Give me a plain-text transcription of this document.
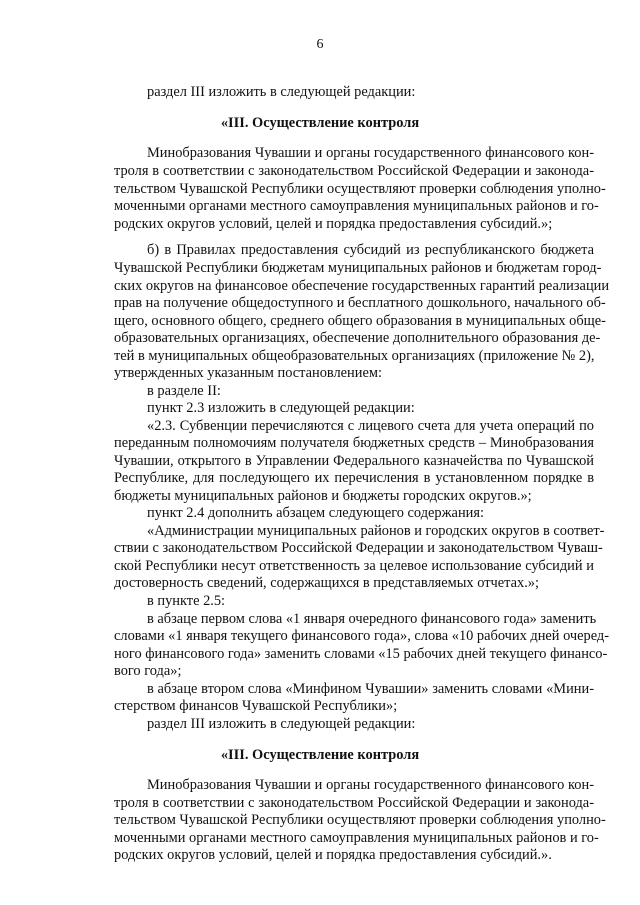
6
раздел III изложить в следующей редакции:
«III. Осуществление контроля
Минобразования Чувашии и органы государственного финансового кон-
троля в соответствии с законодательством Российской Федерации и законода-
тельством Чувашской Республики осуществляют проверки соблюдения уполно-
моченными органами местного самоуправления муниципальных районов и го-
родских округов условий, целей и порядка предоставления субсидий.»;
б) в Правилах предоставления субсидий из республиканского бюджета
Чувашской Республики бюджетам муниципальных районов и бюджетам город-
ских округов на финансовое обеспечение государственных гарантий реализации
прав на получение общедоступного и бесплатного дошкольного, начального об-
щего, основного общего, среднего общего образования в муниципальных обще-
образовательных организациях, обеспечение дополнительного образования де-
тей в муниципальных общеобразовательных организациях (приложение № 2),
утвержденных указанным постановлением:
в разделе II:
пункт 2.3 изложить в следующей редакции:
«2.3. Субвенции перечисляются с лицевого счета для учета операций по
переданным полномочиям получателя бюджетных средств – Минобразования
Чувашии, открытого в Управлении Федерального казначейства по Чувашской
Республике, для последующего их перечисления в установленном порядке в
бюджеты муниципальных районов и бюджеты городских округов.»;
пункт 2.4 дополнить абзацем следующего содержания:
«Администрации муниципальных районов и городских округов в соответ-
ствии с законодательством Российской Федерации и законодательством Чуваш-
ской Республики несут ответственность за целевое использование субсидий и
достоверность сведений, содержащихся в представляемых отчетах.»;
в пункте 2.5:
в абзаце первом слова «1 января очередного финансового года» заменить
словами «1 января текущего финансового года», слова «10 рабочих дней очеред-
ного финансового года» заменить словами «15 рабочих дней текущего финансо-
вого года»;
в абзаце втором слова «Минфином Чувашии» заменить словами «Мини-
стерством финансов Чувашской Республики»;
раздел III изложить в следующей редакции:
«III. Осуществление контроля
Минобразования Чувашии и органы государственного финансового кон-
троля в соответствии с законодательством Российской Федерации и законода-
тельством Чувашской Республики осуществляют проверки соблюдения уполно-
моченными органами местного самоуправления муниципальных районов и го-
родских округов условий, целей и порядка предоставления субсидий.».
